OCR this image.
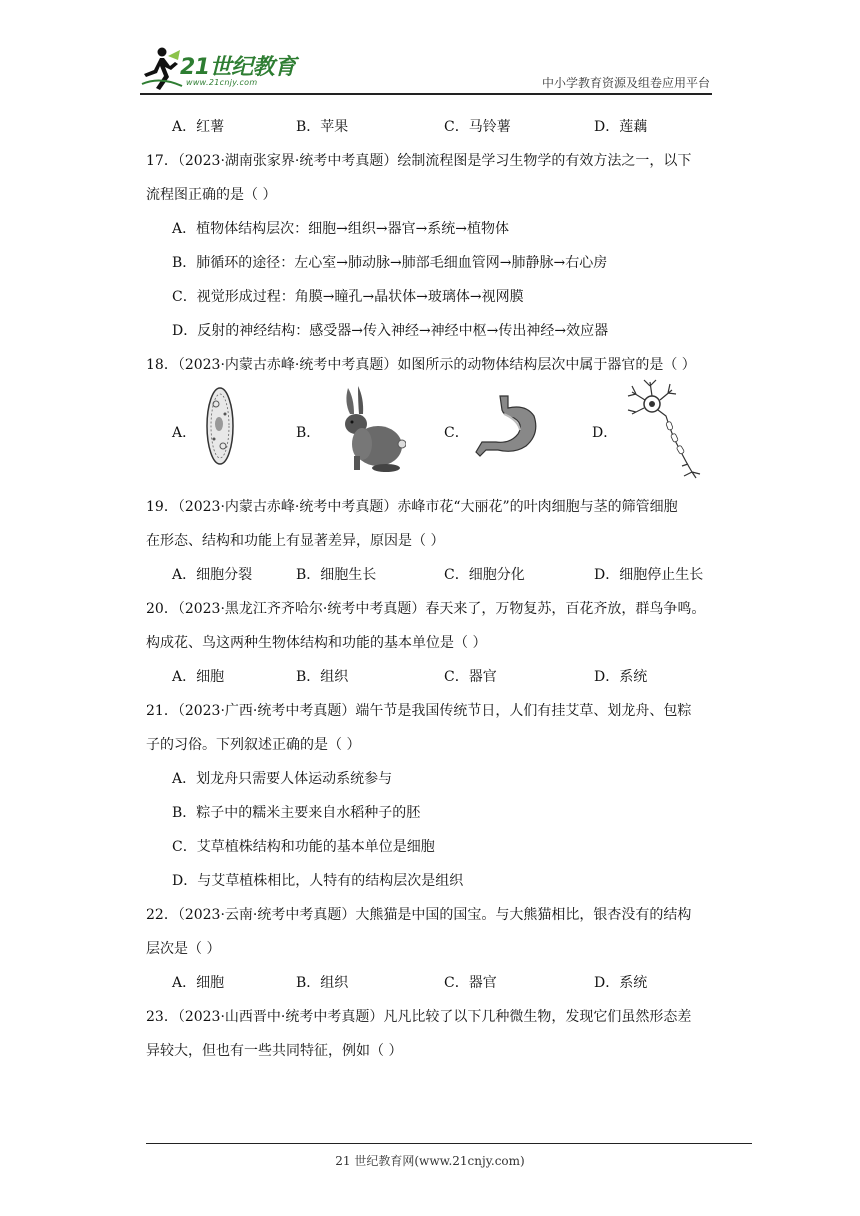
21世纪教育
www.21cnjy.com	中小学教育资源及组卷应用平台
A．红薯	B．苹果	C．马铃薯	D．莲藕
17．（2023·湖南张家界·统考中考真题）绘制流程图是学习生物学的有效方法之一，以下
流程图正确的是（ ）
A．植物体结构层次：细胞→组织→器官→系统→植物体
B．肺循环的途径：左心室→肺动脉→肺部毛细血管网→肺静脉→右心房
C．视觉形成过程：角膜→瞳孔→晶状体→玻璃体→视网膜
D．反射的神经结构：感受器→传入神经→神经中枢→传出神经→效应器
18．（2023·内蒙古赤峰·统考中考真题）如图所示的动物体结构层次中属于器官的是（ ）
A．	B．	C．	D．
19．（2023·内蒙古赤峰·统考中考真题）赤峰市花“大丽花”的叶肉细胞与茎的筛管细胞
在形态、结构和功能上有显著差异，原因是（ ）
A．细胞分裂	B．细胞生长	C．细胞分化	D．细胞停止生长
20．（2023·黑龙江齐齐哈尔·统考中考真题）春天来了，万物复苏，百花齐放，群鸟争鸣。
构成花、鸟这两种生物体结构和功能的基本单位是（ ）
A．细胞	B．组织	C．器官	D．系统
21．（2023·广西·统考中考真题）端午节是我国传统节日，人们有挂艾草、划龙舟、包粽
子的习俗。下列叙述正确的是（ ）
A．划龙舟只需要人体运动系统参与
B．粽子中的糯米主要来自水稻种子的胚
C．艾草植株结构和功能的基本单位是细胞
D．与艾草植株相比，人特有的结构层次是组织
22．（2023·云南·统考中考真题）大熊猫是中国的国宝。与大熊猫相比，银杏没有的结构
层次是（ ）
A．细胞	B．组织	C．器官	D．系统
23．（2023·山西晋中·统考中考真题）凡凡比较了以下几种微生物，发现它们虽然形态差
异较大，但也有一些共同特征，例如（ ）
21 世纪教育网(www.21cnjy.com)
